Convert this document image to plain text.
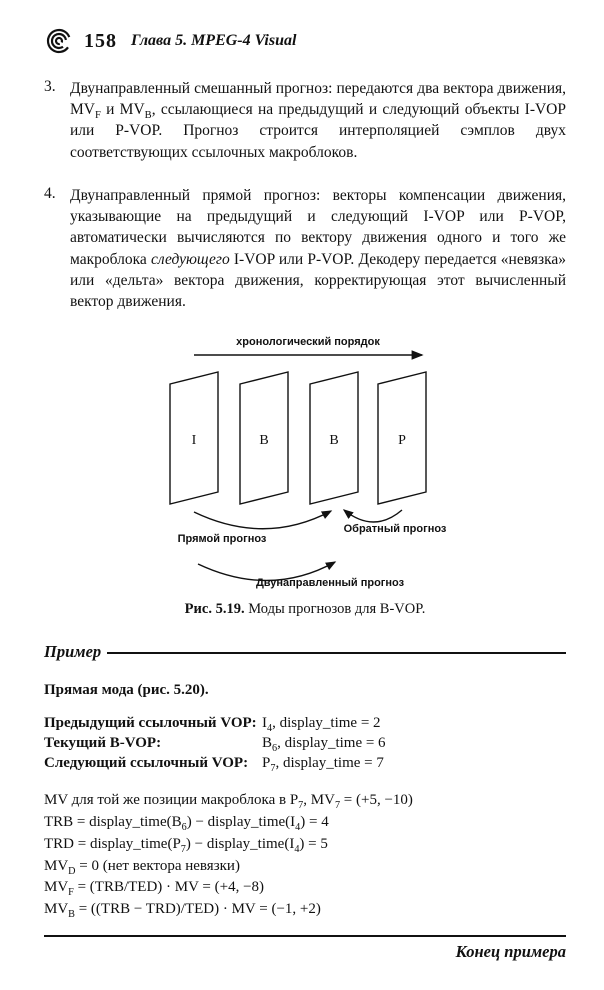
158 Глава 5. MPEG-4 Visual
3. Двунаправленный смешанный прогноз: передаются два вектора движения, $MV_F$ и $MV_B$, ссылающиеся на предыдущий и следующий объекты I-VOP или P-VOP. Прогноз строится интерполяцией сэмплов двух соответствующих ссылочных макроблоков.
4. Двунаправленный прямой прогноз: векторы компенсации движения, указывающие на предыдущий и следующий I-VOP или P-VOP, автоматически вычисляются по вектору движения одного и того же макроблока следующего I-VOP или P-VOP. Декодеру передается «невязка» или «дельта» вектора движения, корректирующая этот вычисленный вектор движения.
хронологический порядок
I	B	B	P
Прямой прогноз
Обратный прогноз
Двунаправленный прогноз
Рис. 5.19. Моды прогнозов для B-VOP.
Пример
Прямая мода (рис. 5.20).
Предыдущий ссылочный VOP: $I_4$, display_time = 2
Текущий B-VOP:	$B_6$, display_time = 6
Следующий ссылочный VOP: $P_7$, display_time = 7
MV для той же позиции макроблока в $P_7$, $MV_7 = (+5$, −10)
TRB = $display\_time(B_6)$ − $display\_time(I_4) = 4$
TRD = $display\_time(P_7)$ − $display\_time(I_4) = 5$
$MV_D = 0$ (нет вектора невязки)
$MV_F = (TRB/TED)$ · MV = (+4, −8)
$MV_B = ((TRB - TRD)/TED)$ · MV = (−1, +2)
Конец примера
